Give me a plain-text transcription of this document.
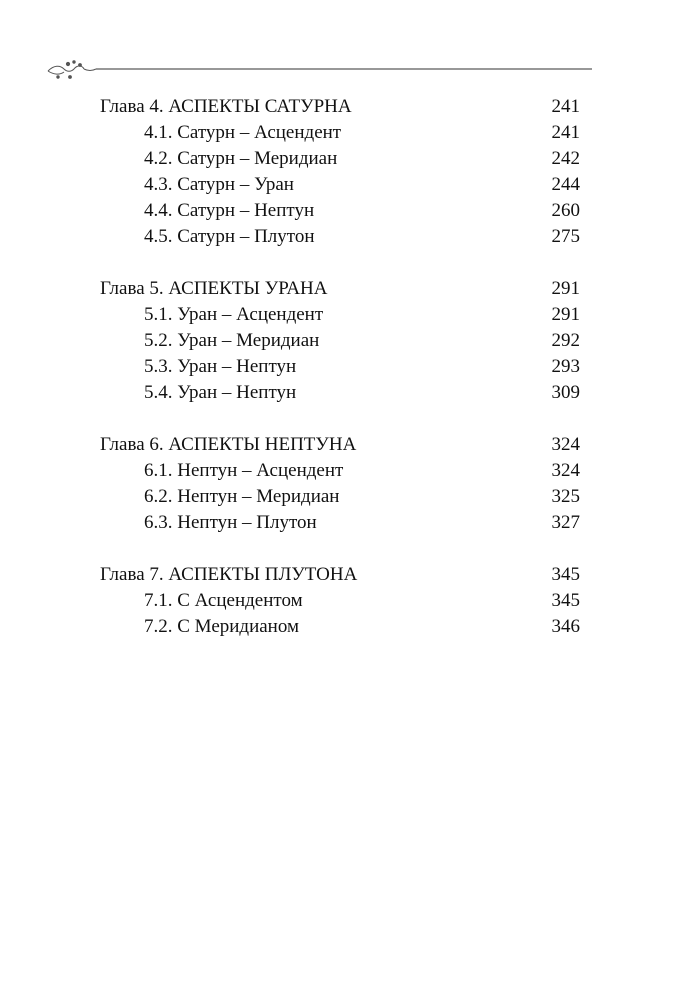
Глава 4. АСПЕКТЫ САТУРНА	241
4.1. Сатурн – Асцендент	241
4.2. Сатурн – Меридиан	242
4.3. Сатурн – Уран	244
4.4. Сатурн – Нептун	260
4.5. Сатурн – Плутон	275
Глава 5. АСПЕКТЫ УРАНА	291
5.1. Уран – Асцендент	291
5.2. Уран – Меридиан	292
5.3. Уран – Нептун	293
5.4. Уран – Нептун	309
Глава 6. АСПЕКТЫ НЕПТУНА	324
6.1. Нептун – Асцендент	324
6.2. Нептун – Меридиан	325
6.3. Нептун – Плутон	327
Глава 7. АСПЕКТЫ ПЛУТОНА	345
7.1. С Асцендентом	345
7.2. С Меридианом	346
